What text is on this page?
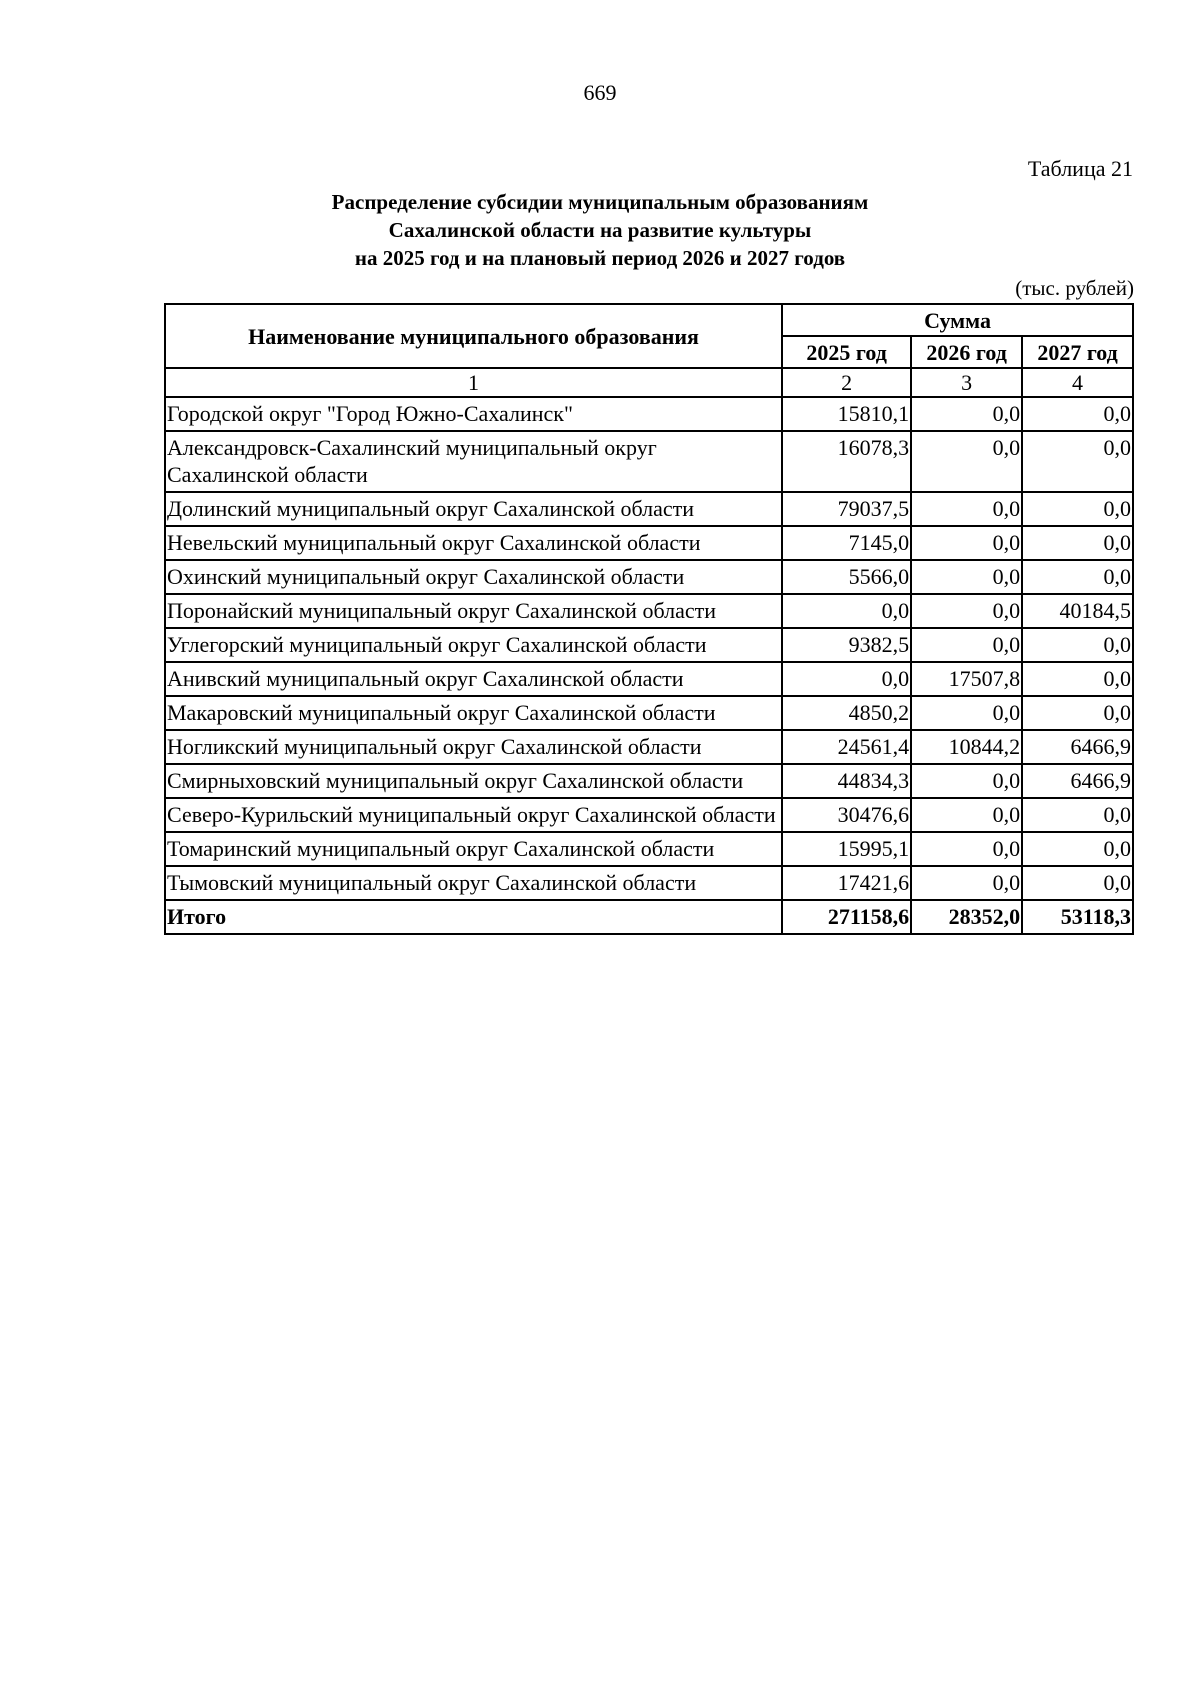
669
Таблица 21
Распределение субсидии муниципальным образованиям
Сахалинской области на развитие культуры
на 2025 год и на плановый период 2026 и 2027 годов
(тыс. рублей)
Наименование муниципального образования	Сумма		
	2025 год	2026 год	2027 год
1	2	3	4
Городской округ "Город Южно-Сахалинск"	15810,1	0,0	0,0
Александровск-Сахалинский муниципальный округ Сахалинской области	16078,3	0,0	0,0
Долинский муниципальный округ Сахалинской области	79037,5	0,0	0,0
Невельский муниципальный округ Сахалинской области	7145,0	0,0	0,0
Охинский муниципальный округ Сахалинской области	5566,0	0,0	0,0
Поронайский муниципальный округ Сахалинской области	0,0	0,0	40184,5
Углегорский муниципальный округ Сахалинской области	9382,5	0,0	0,0
Анивский муниципальный округ Сахалинской области	0,0	17507,8	0,0
Макаровский муниципальный округ Сахалинской области	4850,2	0,0	0,0
Ногликский муниципальный округ Сахалинской области	24561,4	10844,2	6466,9
Смирныховский муниципальный округ Сахалинской области	44834,3	0,0	6466,9
Северо-Курильский муниципальный округ Сахалинской области	30476,6	0,0	0,0
Томаринский муниципальный округ Сахалинской области	15995,1	0,0	0,0
Тымовский муниципальный округ Сахалинской области	17421,6	0,0	0,0
Итого	271158,6	28352,0	53118,3
